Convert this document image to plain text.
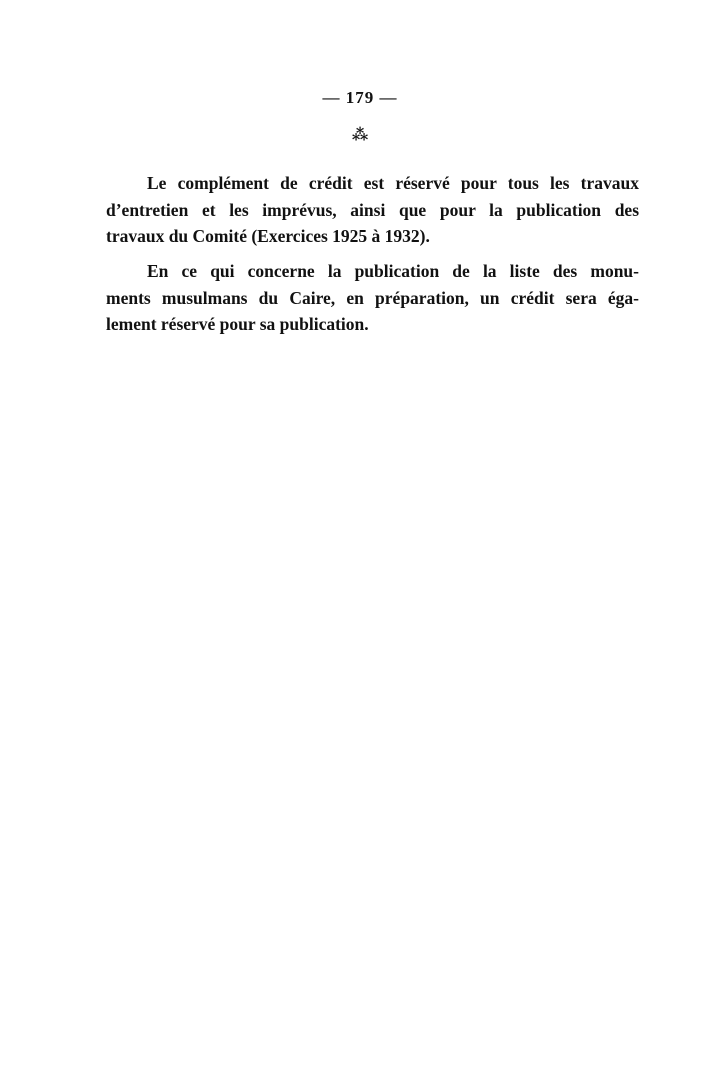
— 179 —
⁂
Le complément de crédit est réservé pour tous les travaux
d’entretien et les imprévus, ainsi que pour la publication des
travaux du Comité (Exercices 1925 à 1932).
En ce qui concerne la publication de la liste des monu-
ments musulmans du Caire, en préparation, un crédit sera éga-
lement réservé pour sa publication.
